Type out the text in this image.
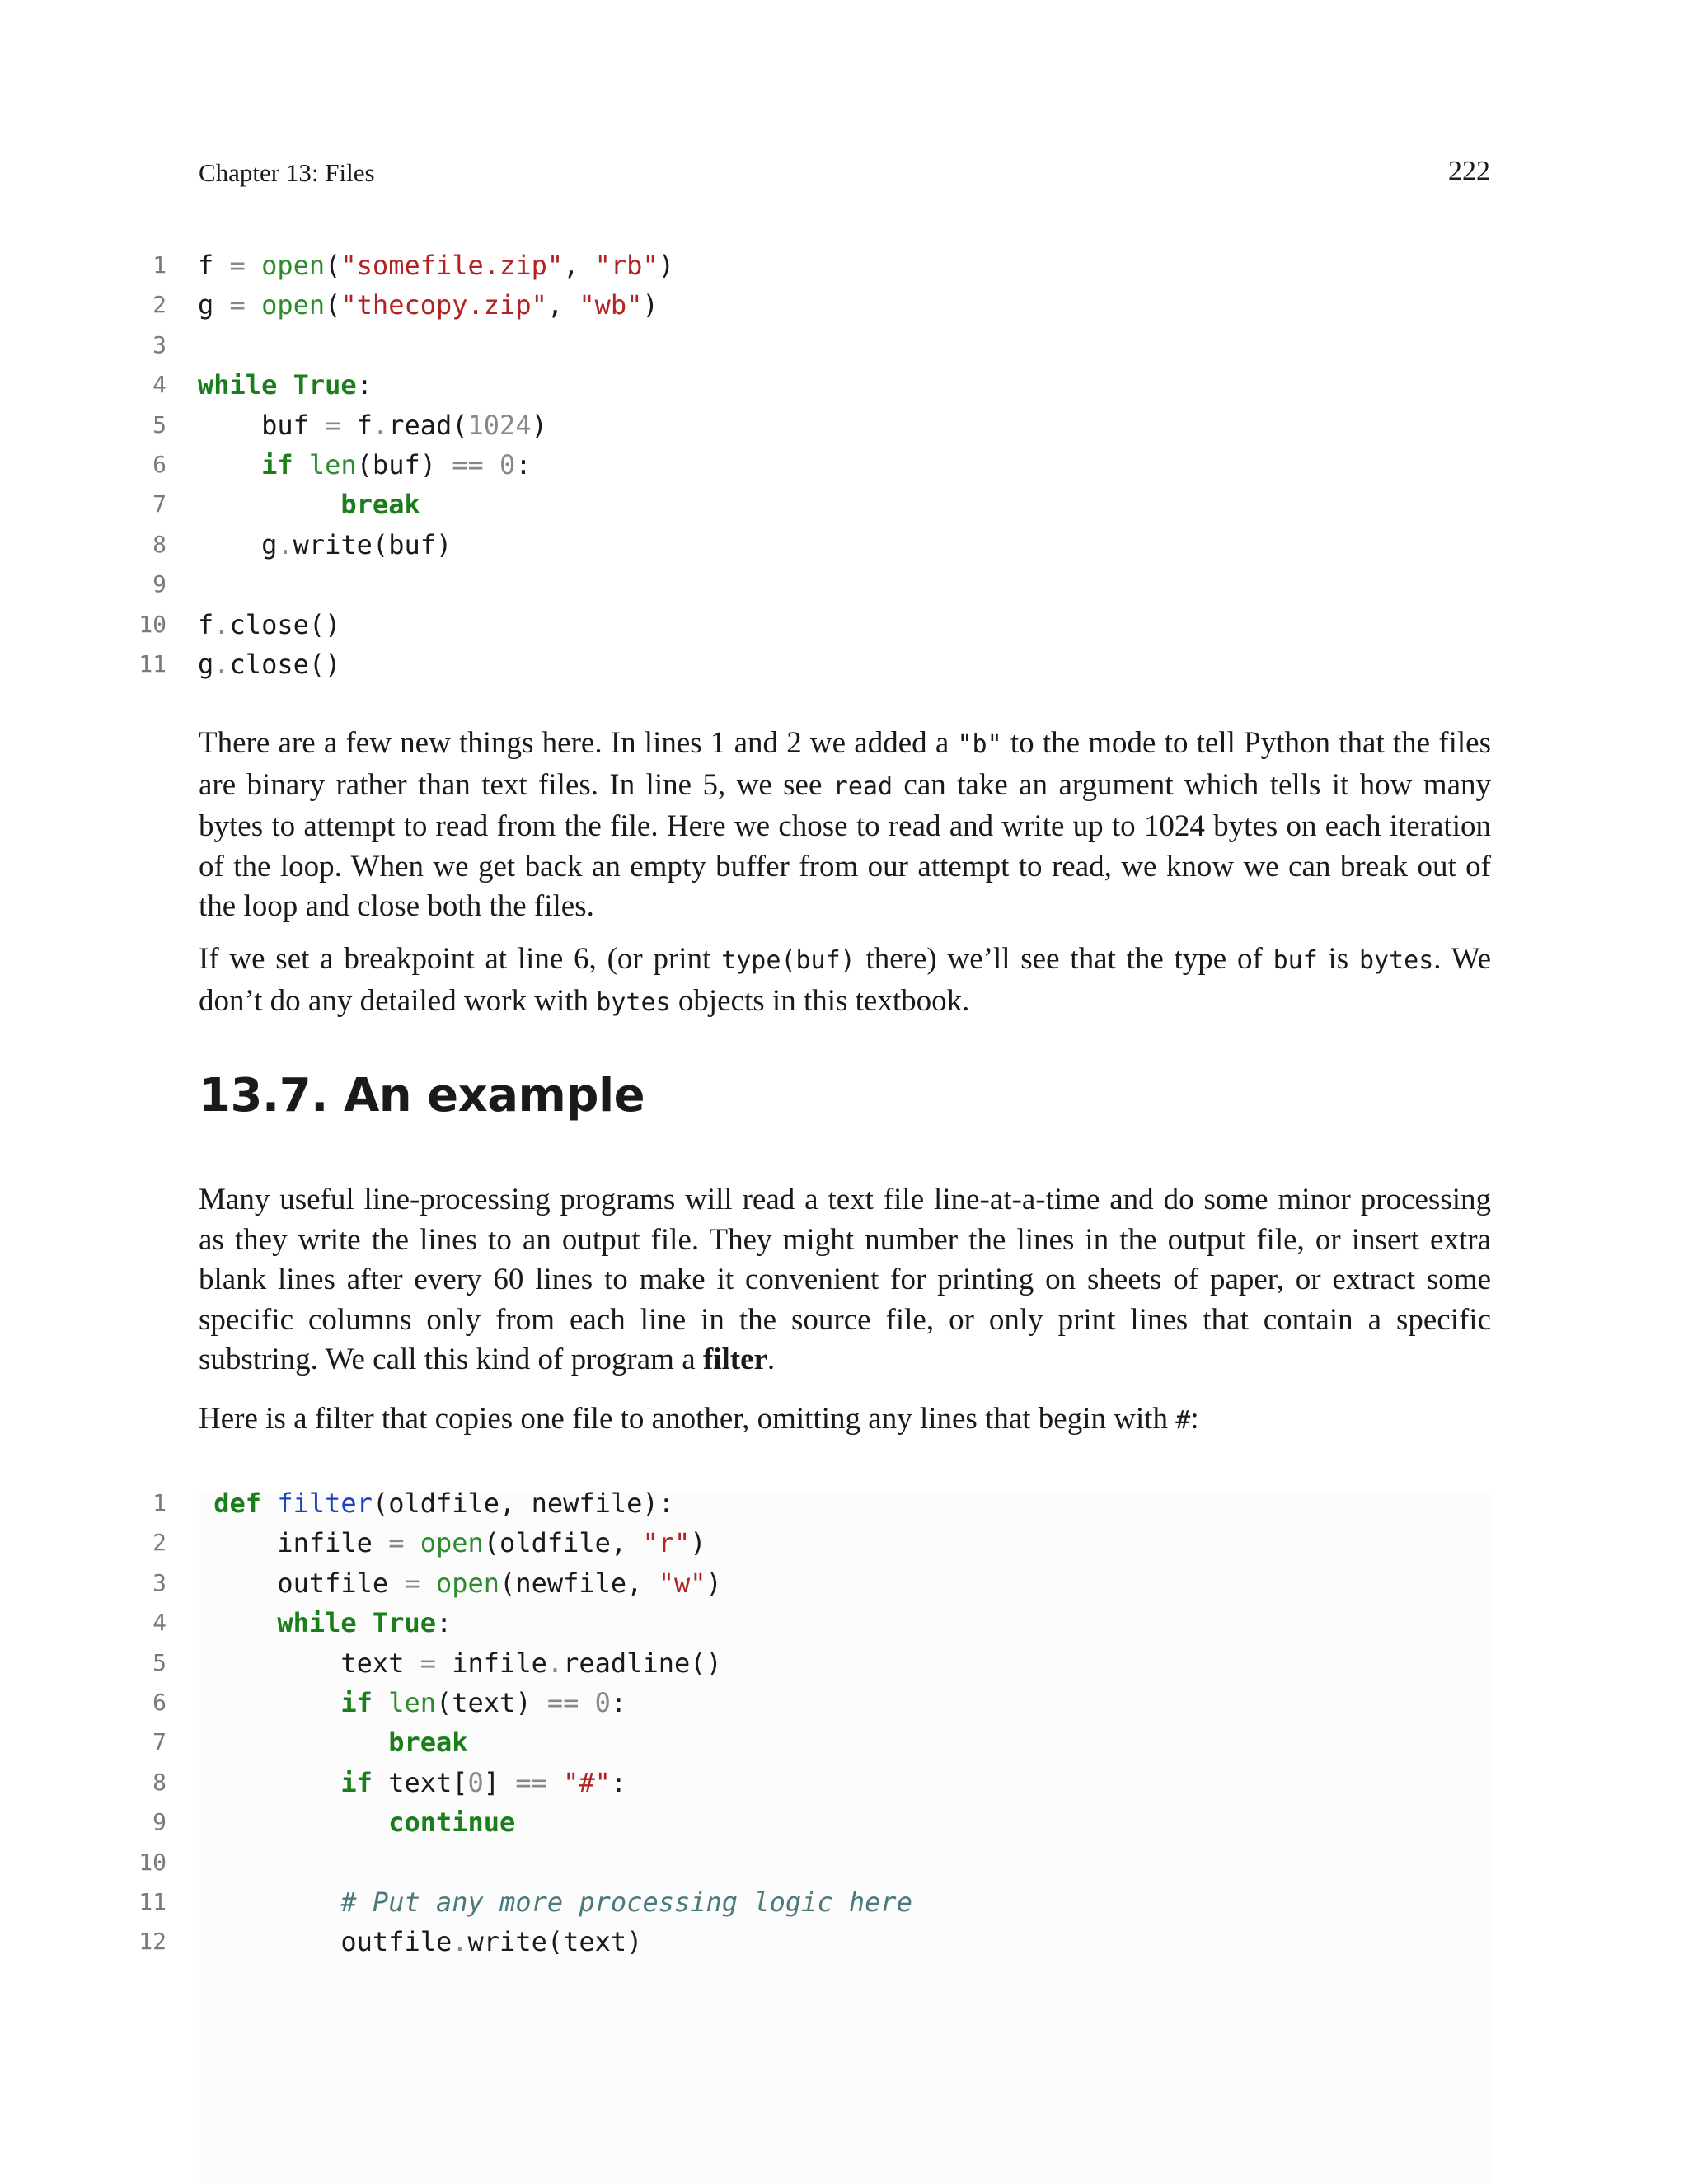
Chapter 13: Files	222
1 f = open("somefile.zip", "rb")
2 g = open("thecopy.zip", "wb")
3
4 while True:
5 buf = f.read(1024)
6	if len(buf) == 0:
7	break
8 g.write(buf)
9
10 f.close()
11 g.close()

There are a few new things here. In lines 1 and 2 we added a "b" to the mode to tell Python that the files are binary rather than text files. In line 5, we see read can take an argument which tells it how many bytes to attempt to read from the file. Here we chose to read and write up to 1024 bytes on each iteration of the loop. When we get back an empty buffer from our attempt to read, we know we can break out of the loop and close both the files.

If we set a breakpoint at line 6, (or print type(buf) there) we’ll see that the type of buf is bytes. We don’t do any detailed work with bytes objects in this textbook.

13.7. An example

Many useful line-processing programs will read a text file line-at-a-time and do some minor processing as they write the lines to an output file. They might number the lines in the output file, or insert extra blank lines after every 60 lines to make it convenient for printing on sheets of paper, or extract some specific columns only from each line in the source file, or only print lines that contain a specific substring. We call this kind of program a filter.

Here is a filter that copies one file to another, omitting any lines that begin with #:

1	def filter(oldfile, newfile):
2 infile = open(oldfile, "r")
3 outfile = open(newfile, "w")
4	while True:
5 text = infile.readline()
6	if len(text) == 0:
7	break
8	if text[0] == "#":
9	continue
10
11	# Put any more processing logic here
12 outfile.write(text)
